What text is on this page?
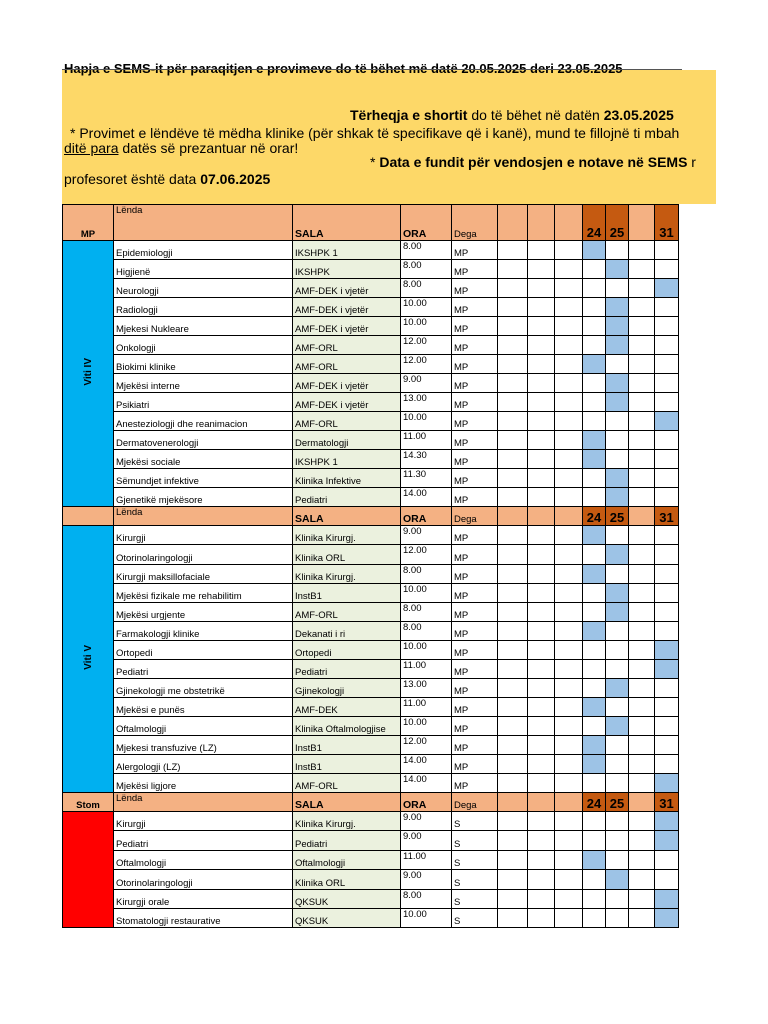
Hapja e SEMS-it për paraqitjen e provimeve do të bëhet më datë 20.05.2025 deri 23.05.2025
Tërheqja e shortit do të bëhet në datën 23.05.2025
* Provimet e lëndëve të mëdha klinike (për shkak të specifikave që i kanë), mund te fillojnë ti mbah
ditë para datës së prezantuar në orar!
* Data e fundit për vendosjen e notave në SEMS r
profesoret është data 07.06.2025
MP	Lënda	SALA	ORA	Dega				24	25		31
Viti IV	Epidemiologji	IKSHPK 1	8.00	MP							
	Higjienë	IKSHPK	8.00	MP							
	Neurologji	AMF-DEK i vjetër	8.00	MP							
	Radiologji	AMF-DEK i vjetër	10.00	MP							
	Mjekesi Nukleare	AMF-DEK i vjetër	10.00	MP							
	Onkologji	AMF-ORL	12.00	MP							
	Biokimi klinike	AMF-ORL	12.00	MP							
	Mjekësi interne	AMF-DEK i vjetër	9.00	MP							
	Psikiatri	AMF-DEK i vjetër	13.00	MP							
	Anesteziologji dhe reanimacion	AMF-ORL	10.00	MP							
	Dermatovenerologji	Dermatologji	11.00	MP							
	Mjekësi sociale	IKSHPK 1	14.30	MP							
	Sëmundjet infektive	Klinika Infektive	11.30	MP							
	Gjenetikë mjekësore	Pediatri	14.00	MP							
	Lënda	SALA	ORA	Dega				24	25		31
Viti V	Kirurgji	Klinika Kirurgj.	9.00	MP							
	Otorinolaringologji	Klinika ORL	12.00	MP							
	Kirurgji maksillofaciale	Klinika Kirurgj.	8.00	MP							
	Mjekësi fizikale me rehabilitim	InstB1	10.00	MP							
	Mjekësi urgjente	AMF-ORL	8.00	MP							
	Farmakologji klinike	Dekanati i ri	8.00	MP							
	Ortopedi	Ortopedi	10.00	MP							
	Pediatri	Pediatri	11.00	MP							
	Gjinekologji me obstetrikë	Gjinekologji	13.00	MP							
	Mjekësi e punës	AMF-DEK	11.00	MP							
	Oftalmologji	Klinika Oftalmologjise	10.00	MP							
	Mjekesi transfuzive (LZ)	InstB1	12.00	MP							
	Alergologji (LZ)	InstB1	14.00	MP							
	Mjekësi ligjore	AMF-ORL	14.00	MP							
Stom	Lënda	SALA	ORA	Dega				24	25		31
	Kirurgji	Klinika Kirurgj.	9.00	S							
	Pediatri	Pediatri	9.00	S							
	Oftalmologji	Oftalmologji	11.00	S							
	Otorinolaringologji	Klinika ORL	9.00	S							
	Kirurgji orale	QKSUK	8.00	S							
	Stomatologji restaurative	QKSUK	10.00	S							
